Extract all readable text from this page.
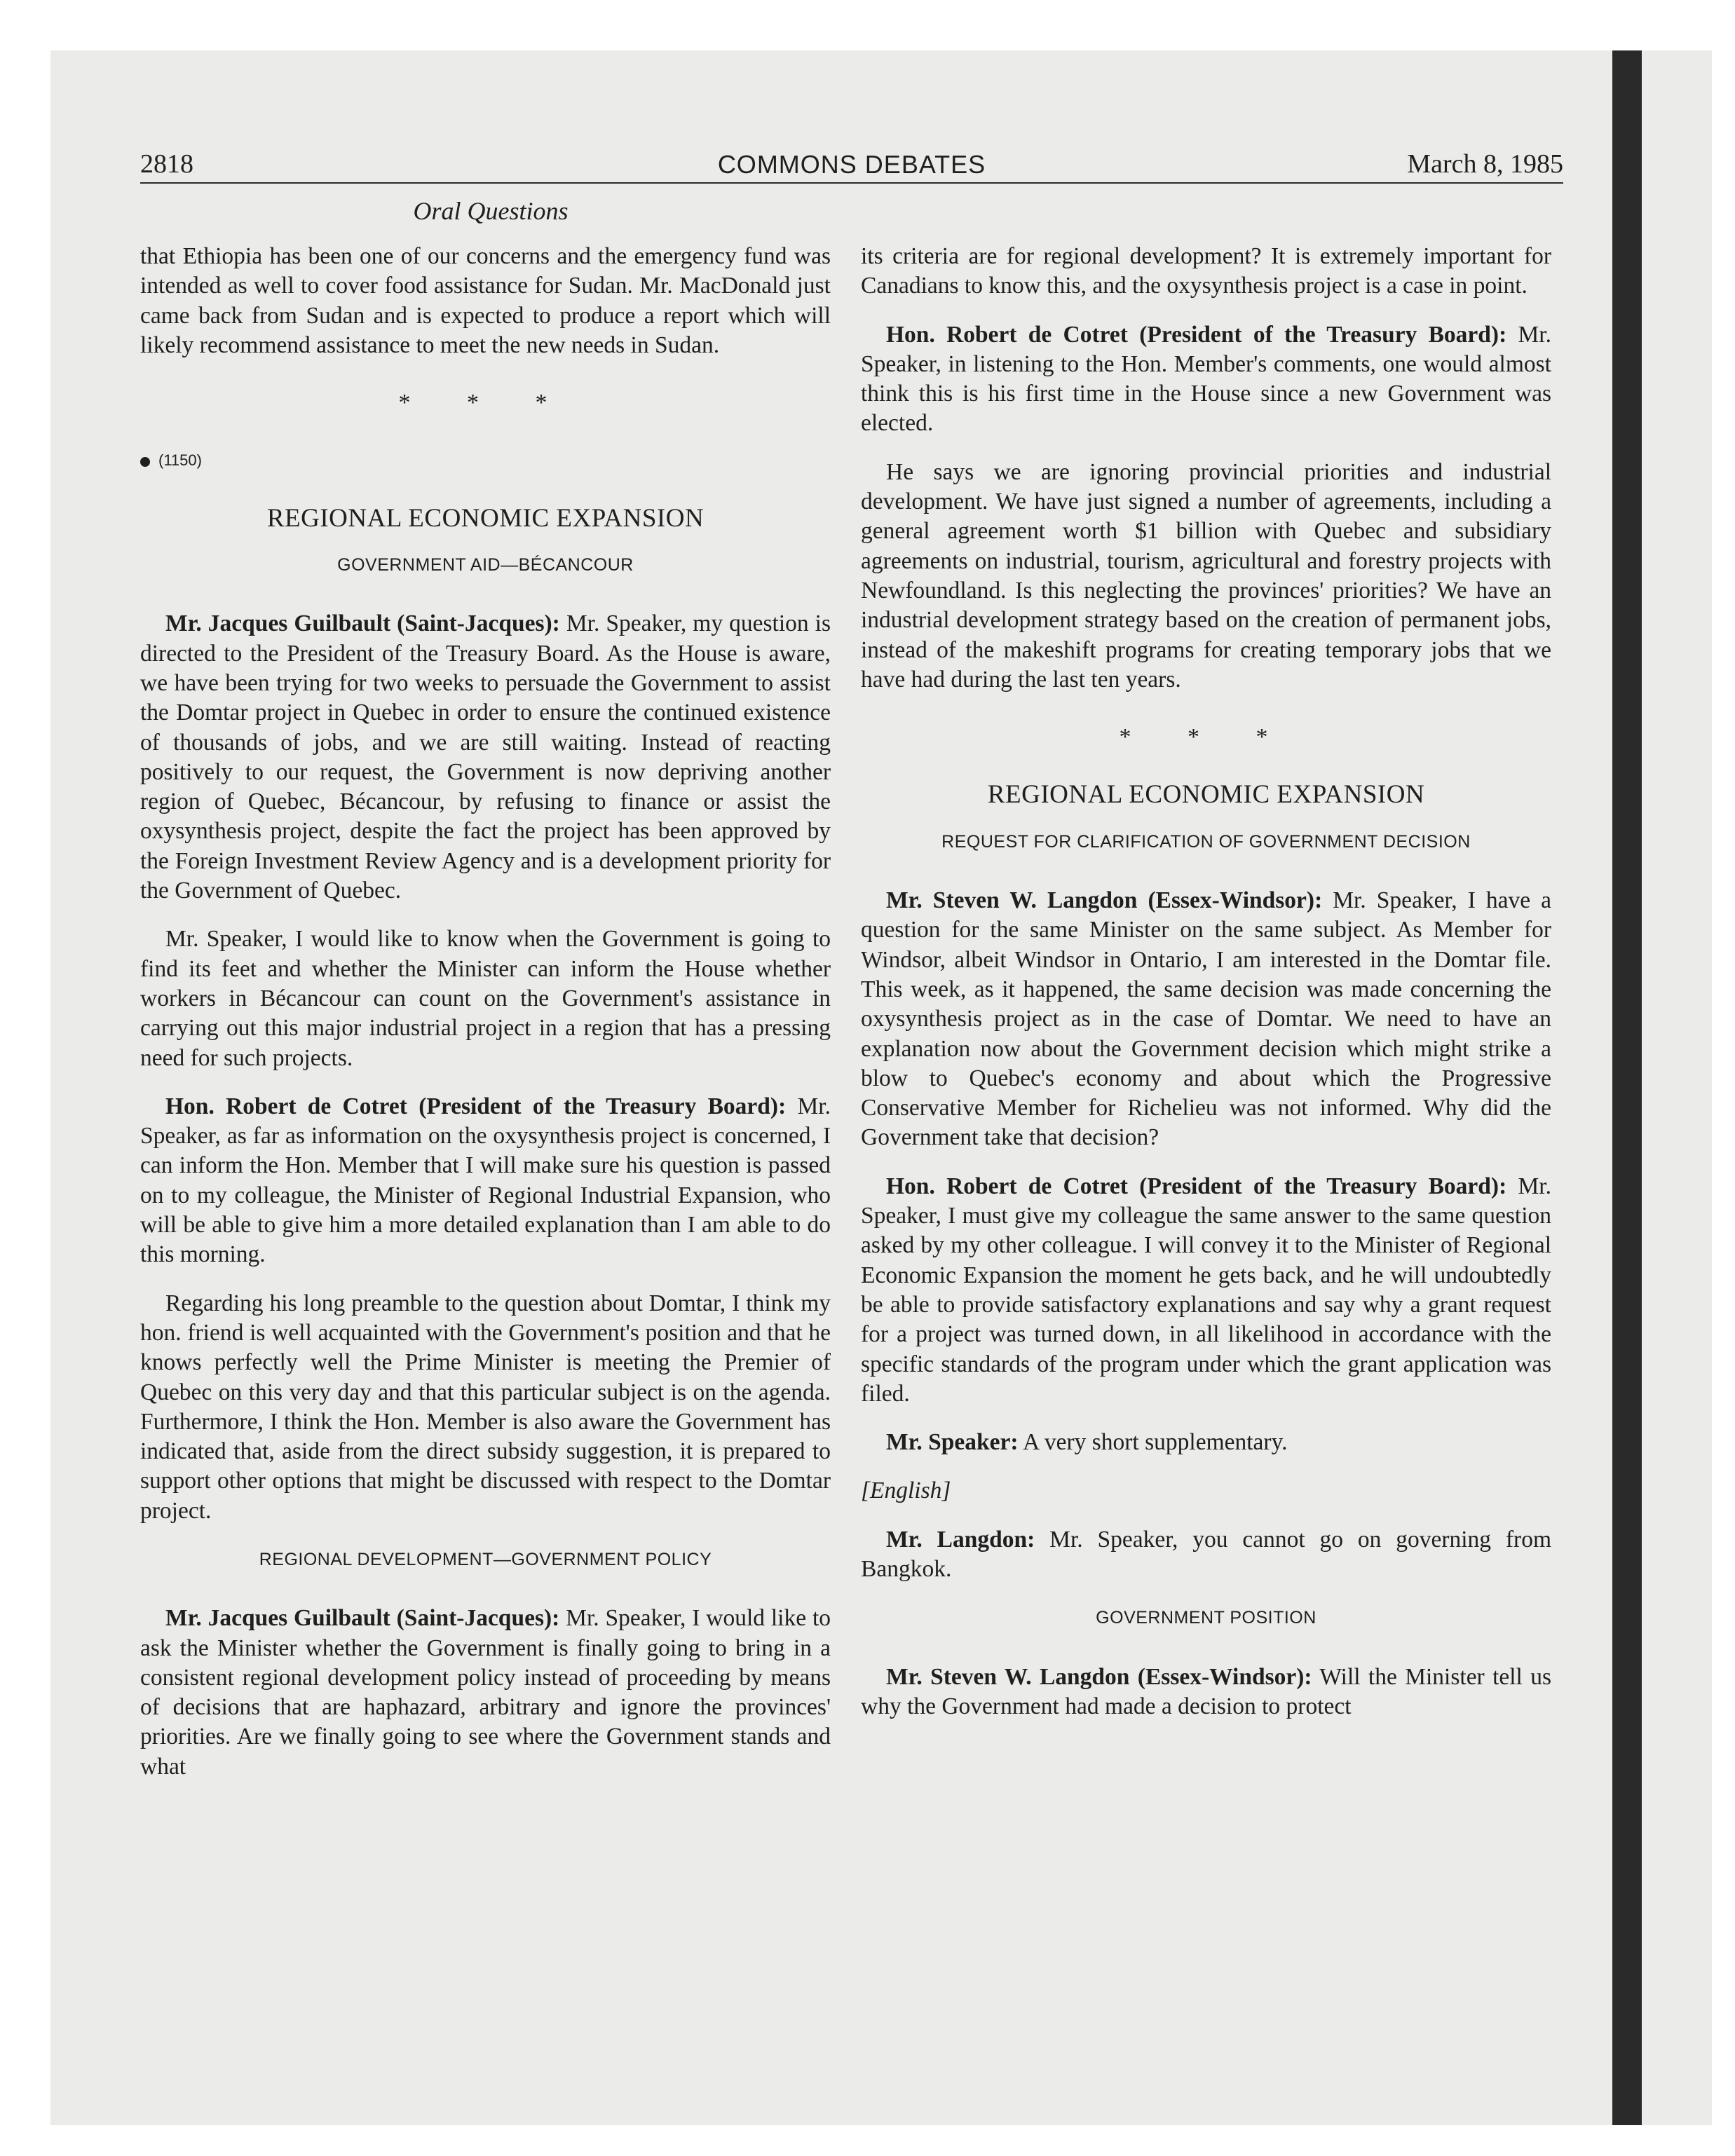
2818	COMMONS DEBATES	March 8, 1985
Oral Questions

that Ethiopia has been one of our concerns and the emergency fund was intended as well to cover food assistance for Sudan. Mr. MacDonald just came back from Sudan and is expected to produce a report which will likely recommend assistance to meet the new needs in Sudan.

* * *
(1150)
REGIONAL ECONOMIC EXPANSION
GOVERNMENT AID—BÉCANCOUR

Mr. Jacques Guilbault (Saint-Jacques): Mr. Speaker, my question is directed to the President of the Treasury Board. As the House is aware, we have been trying for two weeks to persuade the Government to assist the Domtar project in Quebec in order to ensure the continued existence of thousands of jobs, and we are still waiting. Instead of reacting positively to our request, the Government is now depriving another region of Quebec, Bécancour, by refusing to finance or assist the oxysynthesis project, despite the fact the project has been approved by the Foreign Investment Review Agency and is a development priority for the Government of Quebec.

Mr. Speaker, I would like to know when the Government is going to find its feet and whether the Minister can inform the House whether workers in Bécancour can count on the Government's assistance in carrying out this major industrial project in a region that has a pressing need for such projects.

Hon. Robert de Cotret (President of the Treasury Board): Mr. Speaker, as far as information on the oxysynthesis project is concerned, I can inform the Hon. Member that I will make sure his question is passed on to my colleague, the Minister of Regional Industrial Expansion, who will be able to give him a more detailed explanation than I am able to do this morning.

Regarding his long preamble to the question about Domtar, I think my hon. friend is well acquainted with the Government's position and that he knows perfectly well the Prime Minister is meeting the Premier of Quebec on this very day and that this particular subject is on the agenda. Furthermore, I think the Hon. Member is also aware the Government has indicated that, aside from the direct subsidy suggestion, it is prepared to support other options that might be discussed with respect to the Domtar project.

REGIONAL DEVELOPMENT—GOVERNMENT POLICY

Mr. Jacques Guilbault (Saint-Jacques): Mr. Speaker, I would like to ask the Minister whether the Government is finally going to bring in a consistent regional development policy instead of proceeding by means of decisions that are haphazard, arbitrary and ignore the provinces' priorities. Are we finally going to see where the Government stands and what

its criteria are for regional development? It is extremely important for Canadians to know this, and the oxysynthesis project is a case in point.

Hon. Robert de Cotret (President of the Treasury Board): Mr. Speaker, in listening to the Hon. Member's comments, one would almost think this is his first time in the House since a new Government was elected.

He says we are ignoring provincial priorities and industrial development. We have just signed a number of agreements, including a general agreement worth $1 billion with Quebec and subsidiary agreements on industrial, tourism, agricultural and forestry projects with Newfoundland. Is this neglecting the provinces' priorities? We have an industrial development strategy based on the creation of permanent jobs, instead of the makeshift programs for creating temporary jobs that we have had during the last ten years.

* * *
REGIONAL ECONOMIC EXPANSION
REQUEST FOR CLARIFICATION OF GOVERNMENT DECISION

Mr. Steven W. Langdon (Essex-Windsor): Mr. Speaker, I have a question for the same Minister on the same subject. As Member for Windsor, albeit Windsor in Ontario, I am interested in the Domtar file. This week, as it happened, the same decision was made concerning the oxysynthesis project as in the case of Domtar. We need to have an explanation now about the Government decision which might strike a blow to Quebec's economy and about which the Progressive Conservative Member for Richelieu was not informed. Why did the Government take that decision?

Hon. Robert de Cotret (President of the Treasury Board): Mr. Speaker, I must give my colleague the same answer to the same question asked by my other colleague. I will convey it to the Minister of Regional Economic Expansion the moment he gets back, and he will undoubtedly be able to provide satisfactory explanations and say why a grant request for a project was turned down, in all likelihood in accordance with the specific standards of the program under which the grant application was filed.

Mr. Speaker: A very short supplementary.

[English]

Mr. Langdon: Mr. Speaker, you cannot go on governing from Bangkok.

GOVERNMENT POSITION

Mr. Steven W. Langdon (Essex-Windsor): Will the Minister tell us why the Government had made a decision to protect
